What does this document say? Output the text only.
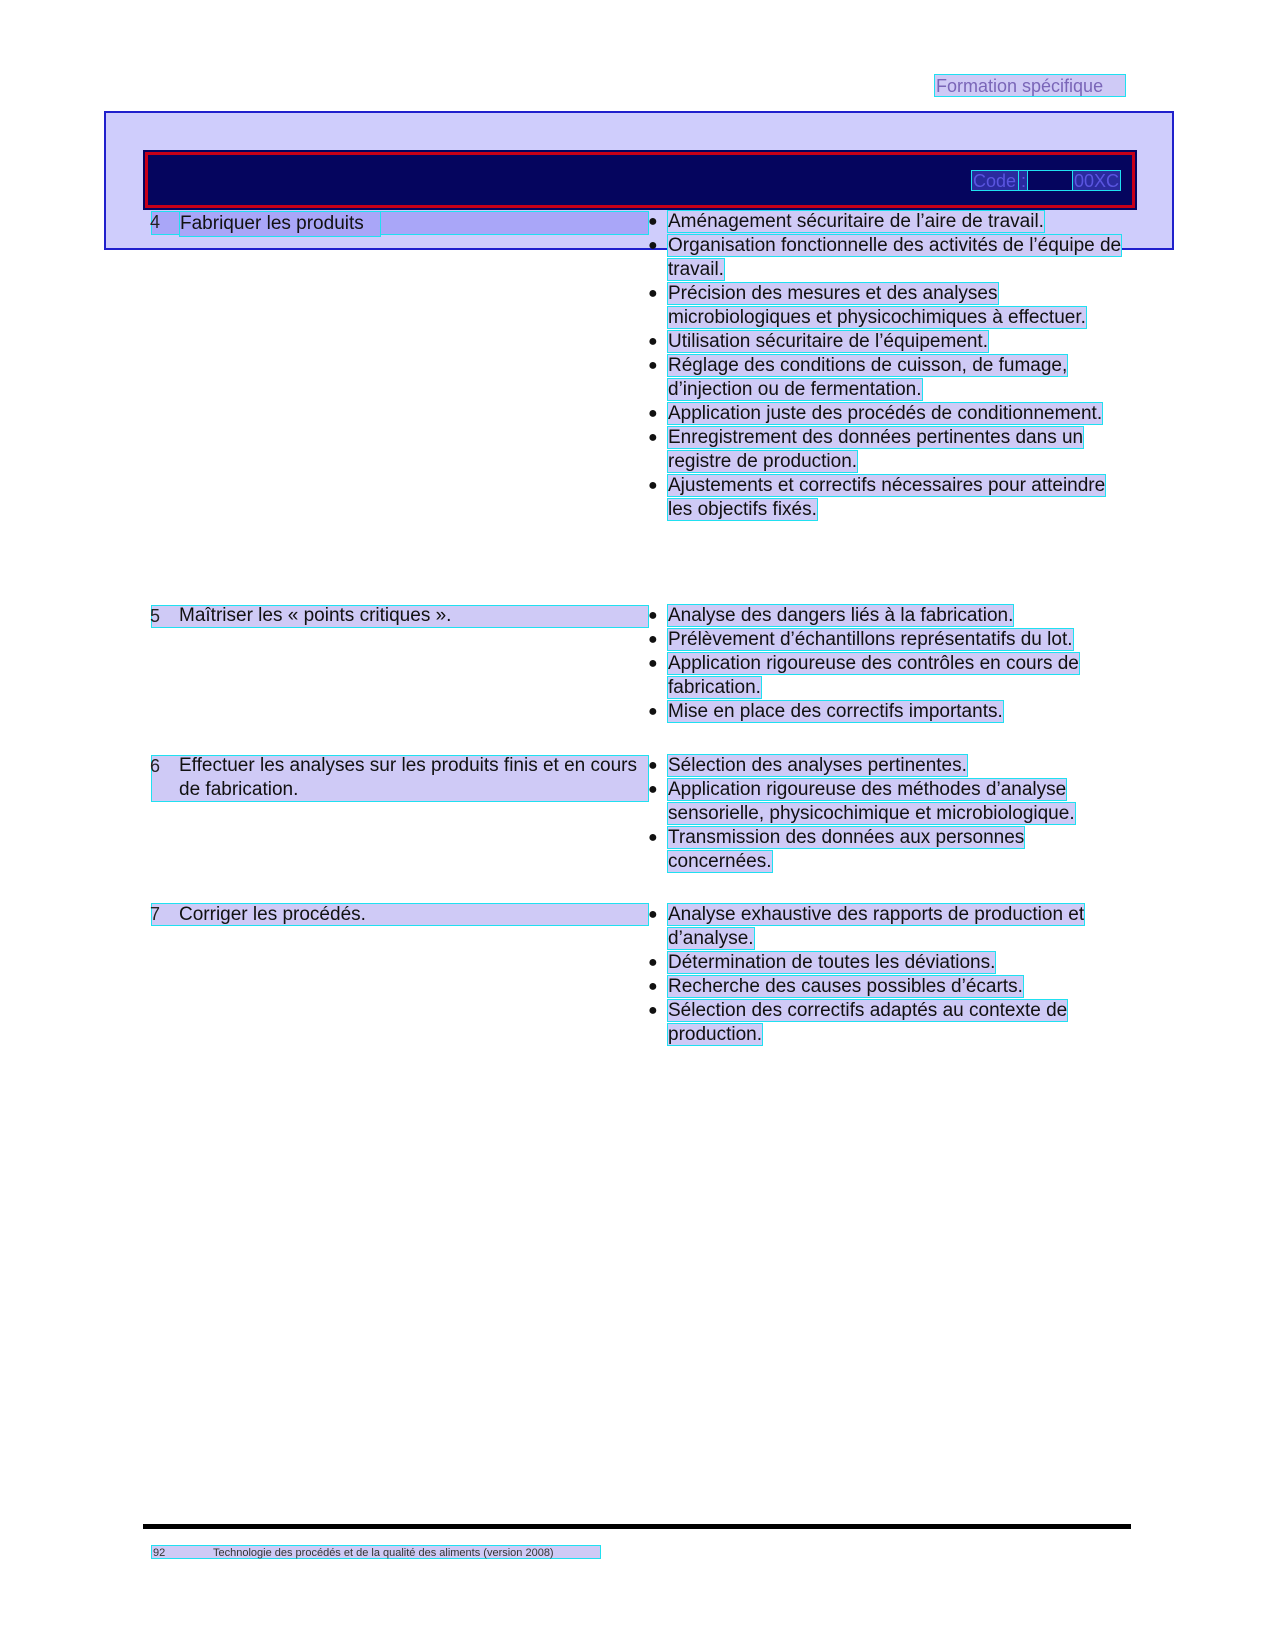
Formation spécifique
Code :	00XC
4 Fabriquer les produits	● Aménagement sécuritaire de l’aire de travail.
● Organisation fonctionnelle des activités de l’équipe de travail.
● Précision des mesures et des analyses microbiologiques et physicochimiques à effectuer.
● Utilisation sécuritaire de l’équipement.
● Réglage des conditions de cuisson, de fumage, d’injection ou de fermentation.
● Application juste des procédés de conditionnement.
● Enregistrement des données pertinentes dans un registre de production.
● Ajustements et correctifs nécessaires pour atteindre les objectifs fixés.
5 Maîtriser les « points critiques ».	● Analyse des dangers liés à la fabrication.
● Prélèvement d’échantillons représentatifs du lot.
● Application rigoureuse des contrôles en cours de fabrication.
● Mise en place des correctifs importants.
6 Effectuer les analyses sur les produits finis et en cours de fabrication.
● Sélection des analyses pertinentes.
● Application rigoureuse des méthodes d’analyse sensorielle, physicochimique et microbiologique.
● Transmission des données aux personnes concernées.
7 Corriger les procédés.	● Analyse exhaustive des rapports de production et d’analyse.
● Détermination de toutes les déviations.
● Recherche des causes possibles d’écarts.
● Sélection des correctifs adaptés au contexte de production.
92	Technologie des procédés et de la qualité des aliments (version 2008)
